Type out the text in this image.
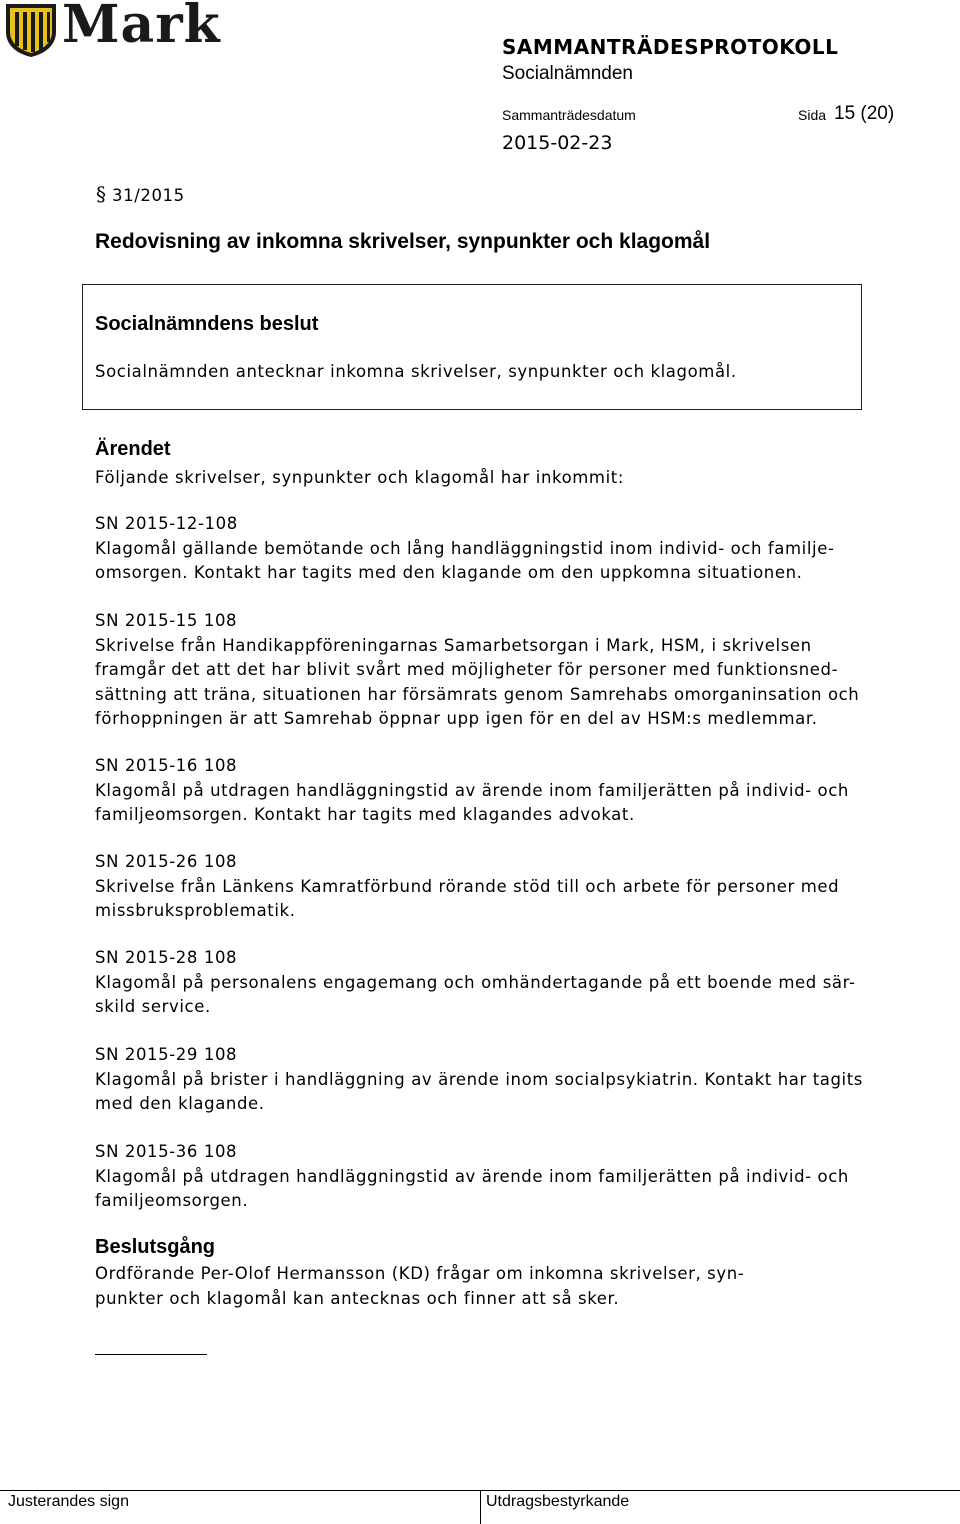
Mark	SAMMANTRÄDESPROTOKOLL
Socialnämnden
Sammanträdesdatum	Sida 15 (20)
2015-02-23
§ 31/2015
Redovisning av inkomna skrivelser, synpunkter och klagomål
Socialnämndens beslut
Socialnämnden antecknar inkomna skrivelser, synpunkter och klagomål.
Ärendet
Följande skrivelser, synpunkter och klagomål har inkommit:
SN 2015-12-108
Klagomål gällande bemötande och lång handläggningstid inom individ- och familje-
omsorgen. Kontakt har tagits med den klagande om den uppkomna situationen.
SN 2015-15 108
Skrivelse från Handikappföreningarnas Samarbetsorgan i Mark, HSM, i skrivelsen
framgår det att det har blivit svårt med möjligheter för personer med funktionsned-
sättning att träna, situationen har försämrats genom Samrehabs omorganinsation och
förhoppningen är att Samrehab öppnar upp igen för en del av HSM:s medlemmar.
SN 2015-16 108
Klagomål på utdragen handläggningstid av ärende inom familjerätten på individ- och
familjeomsorgen. Kontakt har tagits med klagandes advokat.
SN 2015-26 108
Skrivelse från Länkens Kamratförbund rörande stöd till och arbete för personer med
missbruksproblematik.
SN 2015-28 108
Klagomål på personalens engagemang och omhändertagande på ett boende med sär-
skild service.
SN 2015-29 108
Klagomål på brister i handläggning av ärende inom socialpsykiatrin. Kontakt har tagits
med den klagande.
SN 2015-36 108
Klagomål på utdragen handläggningstid av ärende inom familjerätten på individ- och
familjeomsorgen.
Beslutsgång
Ordförande Per-Olof Hermansson (KD) frågar om inkomna skrivelser, syn-
punkter och klagomål kan antecknas och finner att så sker.
Justerandes sign	Utdragsbestyrkande
